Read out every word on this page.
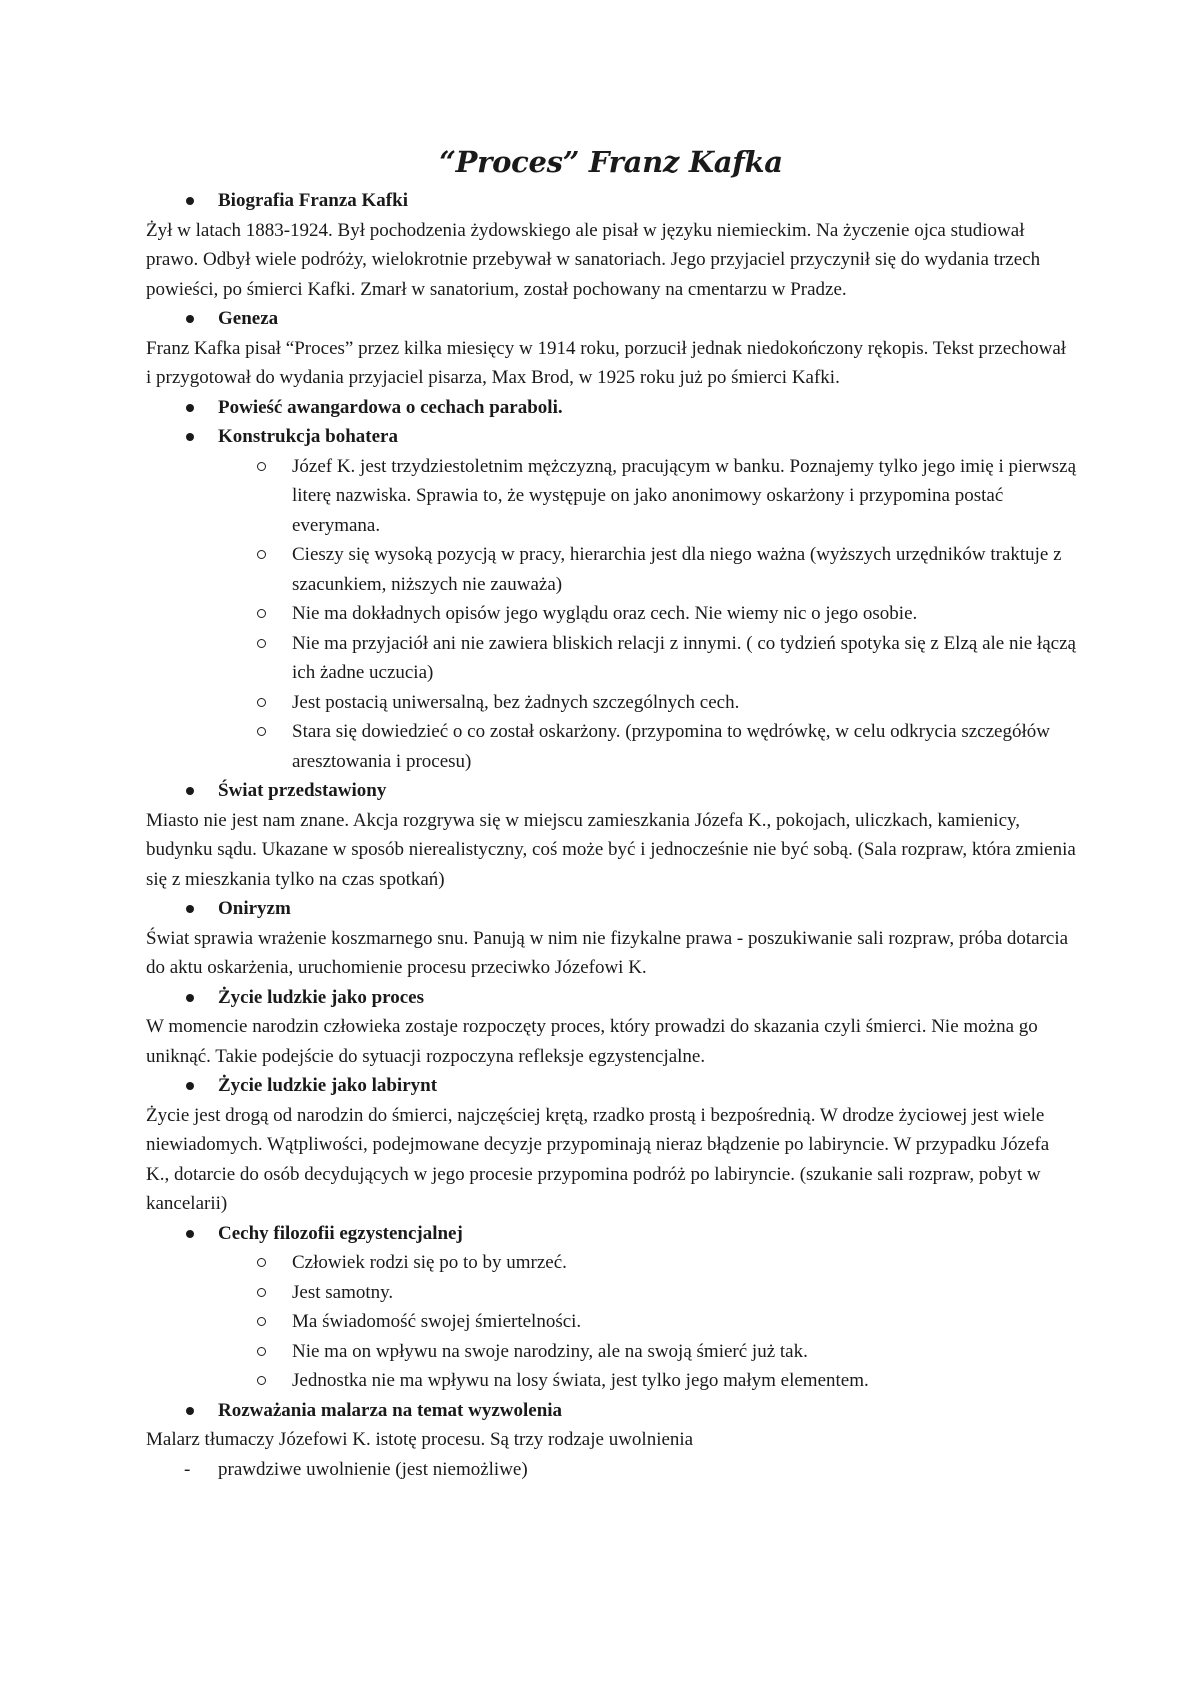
“Proces” Franz Kafka
Biografia Franza Kafki

Żył w latach 1883-1924. Był pochodzenia żydowskiego ale pisał w języku niemieckim. Na życzenie ojca studiował prawo. Odbył wiele podróży, wielokrotnie przebywał w sanatoriach. Jego przyjaciel przyczynił się do wydania trzech powieści, po śmierci Kafki. Zmarł w sanatorium, został pochowany na cmentarzu w Pradze.

Geneza

Franz Kafka pisał “Proces” przez kilka miesięcy w 1914 roku, porzucił jednak niedokończony rękopis. Tekst przechował i przygotował do wydania przyjaciel pisarza, Max Brod, w 1925 roku już po śmierci Kafki.

Powieść awangardowa o cechach paraboli.
Konstrukcja bohatera
Józef K. jest trzydziestoletnim mężczyzną, pracującym w banku. Poznajemy tylko jego imię i pierwszą literę nazwiska. Sprawia to, że występuje on jako anonimowy oskarżony i przypomina postać everymana.
Cieszy się wysoką pozycją w pracy, hierarchia jest dla niego ważna (wyższych urzędników traktuje z szacunkiem, niższych nie zauważa)
Nie ma dokładnych opisów jego wyglądu oraz cech. Nie wiemy nic o jego osobie.
Nie ma przyjaciół ani nie zawiera bliskich relacji z innymi. ( co tydzień spotyka się z Elzą ale nie łączą ich żadne uczucia)
Jest postacią uniwersalną, bez żadnych szczególnych cech.
Stara się dowiedzieć o co został oskarżony. (przypomina to wędrówkę, w celu odkrycia szczegółów aresztowania i procesu)
Świat przedstawiony

Miasto nie jest nam znane. Akcja rozgrywa się w miejscu zamieszkania Józefa K., pokojach, uliczkach, kamienicy, budynku sądu. Ukazane w sposób nierealistyczny, coś może być i jednocześnie nie być sobą. (Sala rozpraw, która zmienia się z mieszkania tylko na czas spotkań)

Oniryzm

Świat sprawia wrażenie koszmarnego snu. Panują w nim nie fizykalne prawa - poszukiwanie sali rozpraw, próba dotarcia do aktu oskarżenia, uruchomienie procesu przeciwko Józefowi K.

Życie ludzkie jako proces

W momencie narodzin człowieka zostaje rozpoczęty proces, który prowadzi do skazania czyli śmierci. Nie można go uniknąć. Takie podejście do sytuacji rozpoczyna refleksje egzystencjalne.

Życie ludzkie jako labirynt

Życie jest drogą od narodzin do śmierci, najczęściej krętą, rzadko prostą i bezpośrednią. W drodze życiowej jest wiele niewiadomych. Wątpliwości, podejmowane decyzje przypominają nieraz błądzenie po labiryncie. W przypadku Józefa K., dotarcie do osób decydujących w jego procesie przypomina podróż po labiryncie. (szukanie sali rozpraw, pobyt w kancelarii)

Cechy filozofii egzystencjalnej
Człowiek rodzi się po to by umrzeć.
Jest samotny.
Ma świadomość swojej śmiertelności.
Nie ma on wpływu na swoje narodziny, ale na swoją śmierć już tak.
Jednostka nie ma wpływu na losy świata, jest tylko jego małym elementem.
Rozważania malarza na temat wyzwolenia

Malarz tłumaczy Józefowi K. istotę procesu. Są trzy rodzaje uwolnienia

- prawdziwe uwolnienie (jest niemożliwe)
